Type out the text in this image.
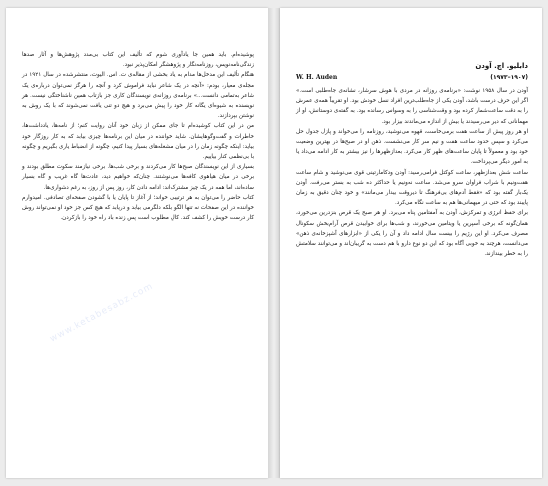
پوشیده‌ام. باید همین جا یادآوری شوم که تألیف این کتاب بی‌مدد پژوهش‌ها و آثار صدها زندگی‌نامه‌نویس، روزنامه‌نگار و پژوهشگر امکان‌پذیر نبود.

هنگام تألیف این مدخل‌ها مدام به یاد بخشی از مقاله‌ی ت. اس. الیوت، منتشرشده در سال ۱۹۲۱ در مجله‌ی معیار، بودم: «آنچه در یک شاعر نباید فراموش کرد و آنچه را هرگز نمی‌توان درباره‌ی یک شاعر به‌تمامی دانست...» برنامه‌ی روزانه‌ی نویسندگان کاری جز بازتاب همین ناشناختگی نیست. هر نویسنده به شیوه‌ای یگانه کار خود را پیش می‌برد و هیچ دو تنی یافت نمی‌شوند که با یک روش به نوشتن بپردازند.

من در این کتاب کوشیده‌ام تا جای ممکن از زبان خود آنان روایت کنم؛ از نامه‌ها، یادداشت‌ها، خاطرات و گفت‌وگوهایشان. شاید خواننده در میان این برنامه‌ها چیزی بیابد که به کار روزگار خود بیاید: اینکه چگونه زمان را در میان مشغله‌های بسیار پیدا کنیم، چگونه از انضباط یاری بگیریم و چگونه با بی‌نظمی کنار بیاییم.

بسیاری از این نویسندگان صبح‌ها کار می‌کردند و برخی شب‌ها. برخی نیازمند سکوت مطلق بودند و برخی در میان هیاهوی کافه‌ها می‌نوشتند. چنان‌که خواهیم دید، عادت‌ها گاه غریب و گاه بسیار ساده‌اند، اما همه در یک چیز مشترک‌اند: ادامه دادن کار، روز پس از روز، به رغم دشواری‌ها.

کتاب حاضر را می‌توان به هر ترتیبی خواند؛ از آغاز تا پایان یا با گشودن صفحه‌ای تصادفی. امیدوارم خواننده در این صفحات نه تنها الگو بلکه دلگرمی بیابد و دریابد که هیچ کس جز خود او نمی‌تواند روش کار درست خویش را کشف کند. کالِ مطلوب است پس زنده باد راه خود را بازکردن.

www.ketabesabz.com
دابلیو. اچ. آودن
W. H. Auden	(۱۹۰۷–۱۹۷۳)

آودن در سال ۱۹۵۸ نوشت: «برنامه‌ی روزانه در مردی با هوش سرشار، نشانه‌ی جاه‌طلبی است.» اگر این حرف درست باشد، آودن یکی از جاه‌طلب‌ترین افراد نسل خودش بود. او تقریباً همه‌ی عمرش را به دقت ساعت‌شمار کرده بود و وقت‌شناسی را به وسواس رسانده بود. به گفته‌ی دوستانش، او از مهمانانی که دیر می‌رسیدند یا بیش از اندازه می‌ماندند بیزار بود.

او هر روز پیش از ساعت هفت برمی‌خاست، قهوه می‌نوشید، روزنامه را می‌خواند و پازل جدول حل می‌کرد و سپس حدود ساعت هفت و نیم سر کار می‌نشست. ذهن او در صبح‌ها در بهترین وضعیت خود بود و معمولاً تا پایان ساعت‌های ظهر کار می‌کرد. بعدازظهرها را نیز بیشتر به کار ادامه می‌داد یا به امور دیگر می‌پرداخت.

ساعت شش بعدازظهر، ساعت کوکتل فرامی‌رسید: آودن ودکامارتینی قوی می‌نوشید و شام ساعت هفت‌ونیم با شراب فراوان سرو می‌شد. ساعت نه‌ونیم یا حداکثر ده شب به بستر می‌رفت. آودن یک‌بار گفته بود که «فقط آدم‌های بی‌فرهنگ تا دیروقت بیدار می‌مانند» و خود چنان دقیق به زمان پایبند بود که حتی در میهمانی‌ها هم به ساعت نگاه می‌کرد.

برای حفظ انرژی و تمرکزش، آودن به آمفتامین پناه می‌برد. او هر صبح یک قرص بنزدرین می‌خورد، همان‌گونه که برخی آسپرین یا ویتامین می‌خورند، و شب‌ها برای خوابیدن قرص آرام‌بخش سکونال مصرف می‌کرد. او این رژیم را بیست سال ادامه داد و آن را یکی از «ابزارهای آشپزخانه‌ی ذهن» می‌دانست، هرچند به خوبی آگاه بود که این دو نوع دارو با هم دست به گریبان‌اند و می‌توانند سلامتش را به خطر بیندازند.
